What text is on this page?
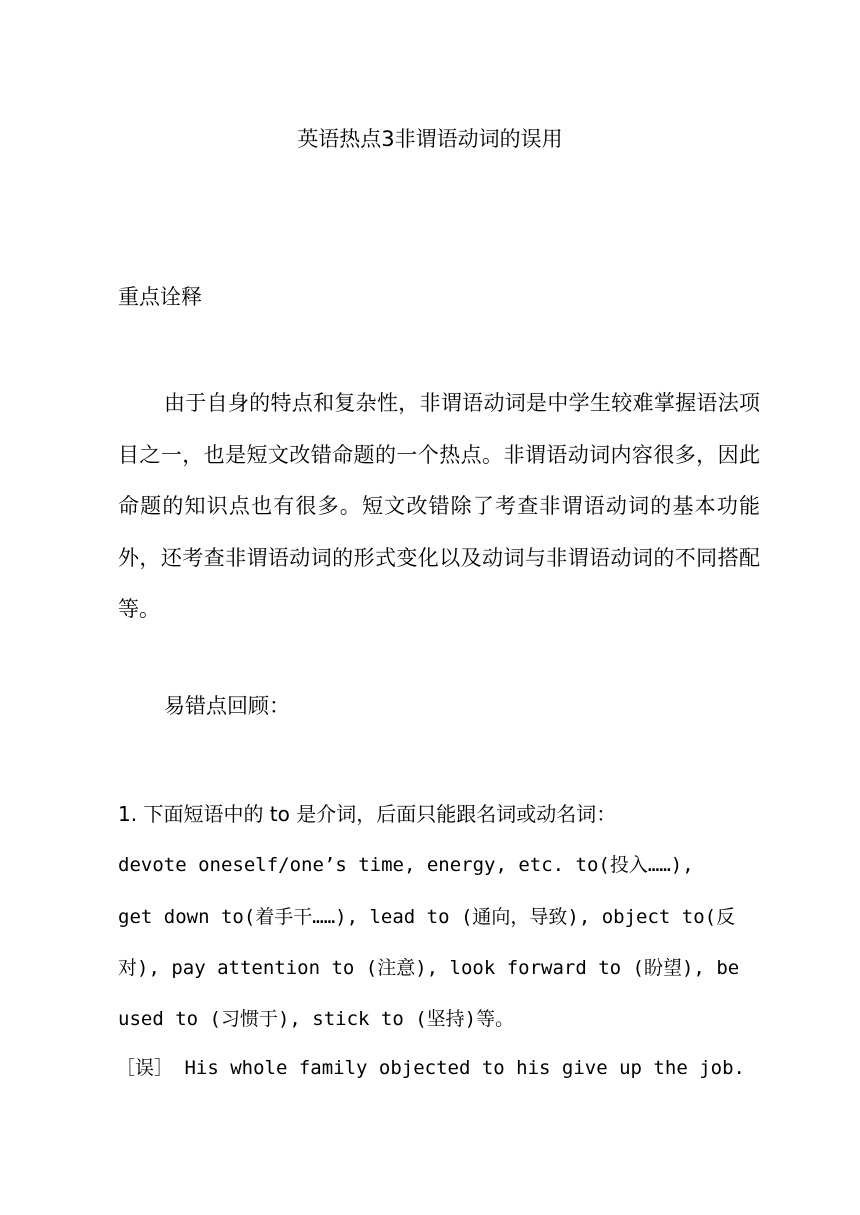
英语热点3非谓语动词的误用
重点诠释

由于自身的特点和复杂性，非谓语动词是中学生较难掌握语法项目之一，也是短文改错命题的一个热点。非谓语动词内容很多，因此命题的知识点也有很多。短文改错除了考查非谓语动词的基本功能外，还考查非谓语动词的形式变化以及动词与非谓语动词的不同搭配等。

易错点回顾：
1. 下面短语中的 to 是介词，后面只能跟名词或动名词：
devote oneself/one’s time, energy, etc. to(投入……),
get down to(着手干……), lead to (通向，导致), object to(反
对), pay attention to (注意), look forward to (盼望), be
used to (习惯于), stick to (坚持)等。
［误］ His whole family objected to his give up the job.
